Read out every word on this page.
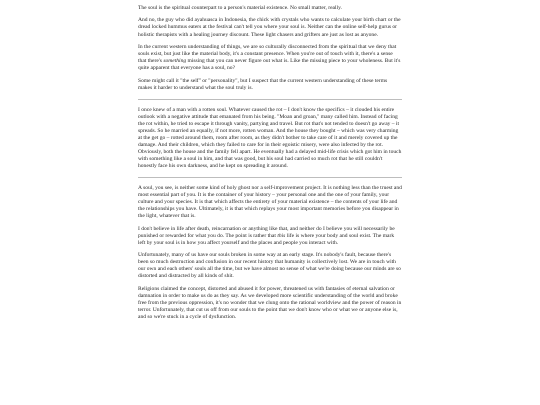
The soul is the spiritual counterpart to a person's material existence. No small matter, really.

And no, the guy who did ayahuasca in Indonesia, the chick with crystals who wants to calculate your birth chart or the dread locked hummus eaters at the festival can't tell you where your soul is. Neither can the online self-help gurus or holistic therapists with a healing journey discount. These light chasers and grifters are just as lost as anyone.

In the current western understanding of things, we are so culturally disconnected from the spiritual that we deny that souls exist, but just like the material body, it's a constant presence. When you're out of touch with it, there's a sense that there's something missing that you can never figure out what is. Like the missing piece to your wholeness. But it's quite apparent that everyone has a soul, no?

Some might call it "the self" or "personality", but I suspect that the current western understanding of these terms makes it harder to understand what the soul truly is.

I once knew of a man with a rotten soul. Whatever caused the rot – I don't know the specifics – it clouded his entire outlook with a negative attitude that emanated from his being. "Moan and groan," many called him. Instead of facing the rot within, he tried to escape it through vanity, partying and travel. But rot that's not tended to doesn't go away – it spreads. So he married an equally, if not more, rotten woman. And the house they bought – which was very charming at the get go – rotted around them, room after room, as they didn't bother to take care of it and merely covered up the damage. And their children, which they failed to care for in their egoistic misery, were also infected by the rot. Obviously, both the house and the family fell apart. He eventually had a delayed mid-life crisis which got him in touch with something like a soul in him, and that was good, but his soul had carried so much rot that he still couldn't honestly face his own darkness, and he kept on spreading it around.

A soul, you see, is neither some kind of holy ghost nor a self-improvement project. It is nothing less than the truest and most essential part of you. It is the container of your history – your personal one and the one of your family, your culture and your species. It is that which affects the entirety of your material existence – the contents of your life and the relationships you have. Ultimately, it is that which replays your most important memories before you disappear in the light, whatever that is.

I don't believe in life after death, reincarnation or anything like that, and neither do I believe you will necessarily be punished or rewarded for what you do. The point is rather that this life is where your body and soul exist. The mark left by your soul is in how you affect yourself and the places and people you interact with.

Unfortunately, many of us have our souls broken in some way at an early stage. It's nobody's fault, because there's been so much destruction and confusion in our recent history that humanity is collectively lost. We are in touch with our own and each others' souls all the time, but we have almost no sense of what we're doing because our minds are so distorted and distracted by all kinds of shit.

Religions claimed the concept, distorted and abused it for power, threatened us with fantasies of eternal salvation or damnation in order to make us do as they say. As we developed more scientific understanding of the world and broke free from the previous oppression, it's no wonder that we clung onto the rational worldview and the power of reason in terror. Unfortunately, that cut us off from our souls to the point that we don't know who or what we or anyone else is, and so we're stuck in a cycle of dysfunction.
